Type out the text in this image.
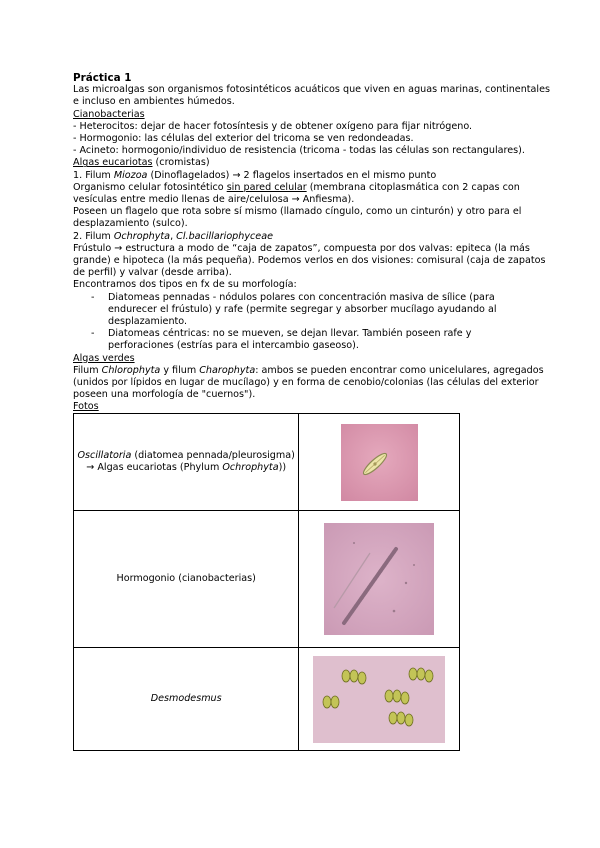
Práctica 1

Las microalgas son organismos fotosintéticos acuáticos que viven en aguas marinas, continentales

e incluso en ambientes húmedos.

Cianobacterias

- Heterocitos: dejar de hacer fotosíntesis y de obtener oxígeno para fijar nitrógeno.

- Hormogonio: las células del exterior del tricoma se ven redondeadas.

- Acineto: hormogonio/individuo de resistencia (tricoma - todas las células son rectangulares).

Algas eucariotas (cromistas)

1. Filum Miozoa (Dinoflagelados) → 2 flagelos insertados en el mismo punto

Organismo celular fotosintético sin pared celular (membrana citoplasmática con 2 capas con

vesículas entre medio llenas de aire/celulosa → Anfiesma).

Poseen un flagelo que rota sobre sí mismo (llamado cíngulo, como un cinturón) y otro para el

desplazamiento (sulco).

2. Filum Ochrophyta, Cl.bacillariophyceae

Frústulo → estructura a modo de “caja de zapatos”, compuesta por dos valvas: epiteca (la más

grande) e hipoteca (la más pequeña). Podemos verlos en dos visiones: comisural (caja de zapatos

de perfil) y valvar (desde arriba).

Encontramos dos tipos en fx de su morfología:

- Diatomeas pennadas - nódulos polares con concentración masiva de sílice (para endurecer el frústulo) y rafe (permite segregar y absorber mucílago ayudando al desplazamiento.

- Diatomeas céntricas: no se mueven, se dejan llevar. También poseen rafe y perforaciones (estrías para el intercambio gaseoso).

Algas verdes

Filum Chlorophyta y filum Charophyta: ambos se pueden encontrar como unicelulares, agregados

(unidos por lípidos en lugar de mucílago) y en forma de cenobio/colonias (las células del exterior

poseen una morfología de "cuernos").

Fotos

Oscillatoria (diatomea pennada/pleurosigma)
→ Algas eucariotas (Phylum Ochrophyta))	

Hormogonio (cianobacterias)	

Desmodesmus	
